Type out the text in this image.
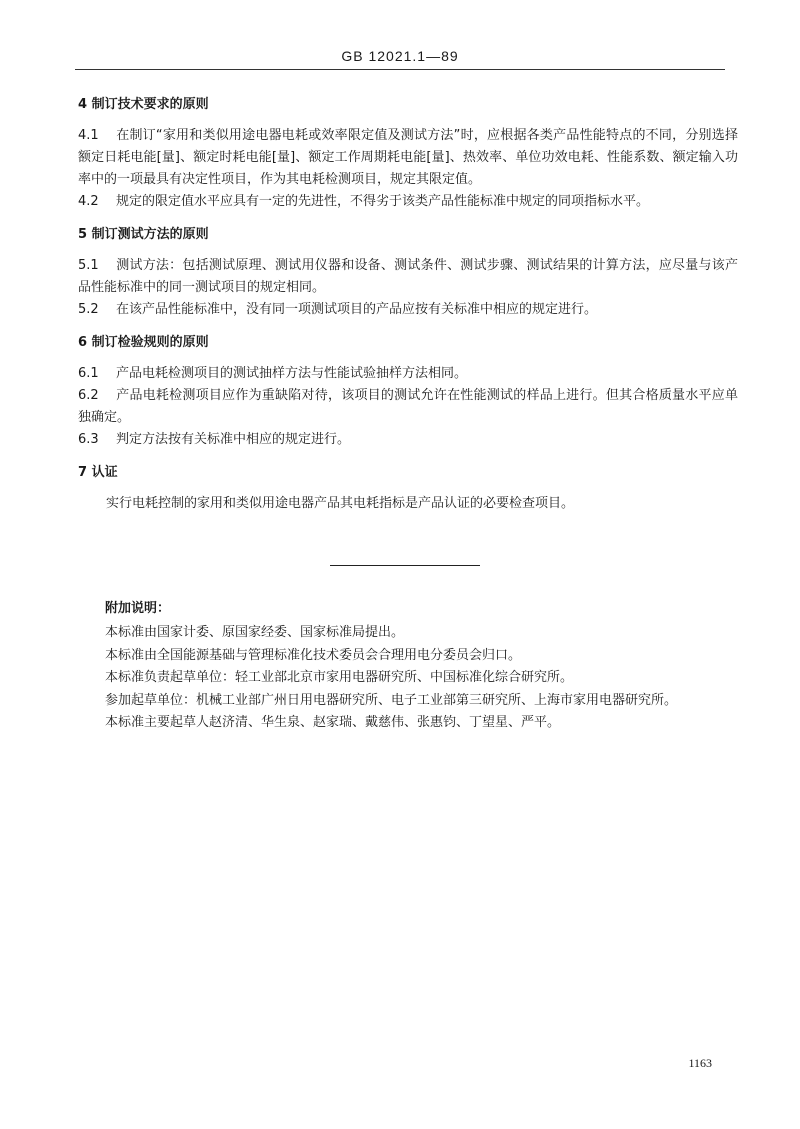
GB 12021.1—89

4 制订技术要求的原则

4.1 在制订“家用和类似用途电器电耗或效率限定值及测试方法”时，应根据各类产品性能特点的不同，分别选择额定日耗电能[量]、额定时耗电能[量]、额定工作周期耗电能[量]、热效率、单位功效电耗、性能系数、额定输入功率中的一项最具有决定性项目，作为其电耗检测项目，规定其限定值。

4.2 规定的限定值水平应具有一定的先进性，不得劣于该类产品性能标准中规定的同项指标水平。

5 制订测试方法的原则

5.1 测试方法：包括测试原理、测试用仪器和设备、测试条件、测试步骤、测试结果的计算方法，应尽量与该产品性能标准中的同一测试项目的规定相同。

5.2 在该产品性能标准中，没有同一项测试项目的产品应按有关标准中相应的规定进行。

6 制订检验规则的原则

6.1 产品电耗检测项目的测试抽样方法与性能试验抽样方法相同。

6.2 产品电耗检测项目应作为重缺陷对待，该项目的测试允许在性能测试的样品上进行。但其合格质量水平应单独确定。

6.3 判定方法按有关标准中相应的规定进行。

7 认证

实行电耗控制的家用和类似用途电器产品其电耗指标是产品认证的必要检查项目。

附加说明：

本标准由国家计委、原国家经委、国家标准局提出。

本标准由全国能源基础与管理标准化技术委员会合理用电分委员会归口。

本标准负责起草单位：轻工业部北京市家用电器研究所、中国标准化综合研究所。

参加起草单位：机械工业部广州日用电器研究所、电子工业部第三研究所、上海市家用电器研究所。

本标准主要起草人赵济清、华生泉、赵家瑞、戴慈伟、张惠钧、丁望星、严平。

1163
